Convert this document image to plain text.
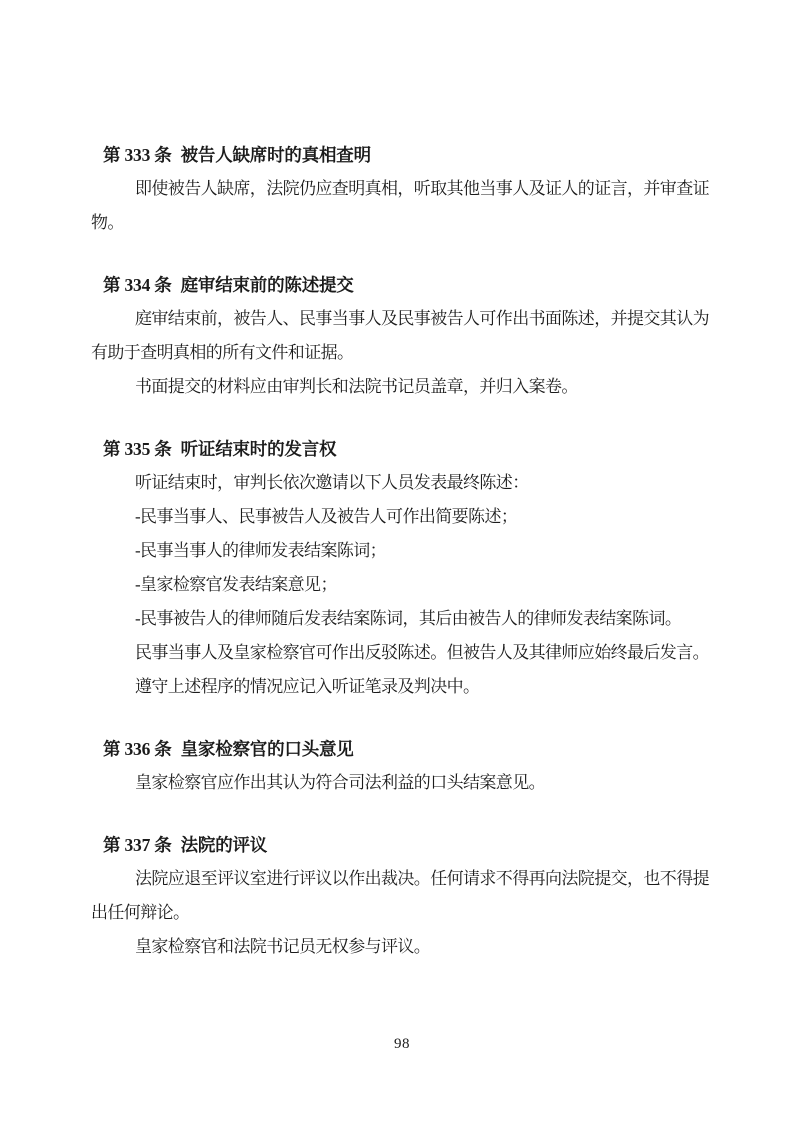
第 333 条 被告人缺席时的真相查明
即使被告人缺席，法院仍应查明真相，听取其他当事人及证人的证言，并审查证
物。
第 334 条 庭审结束前的陈述提交
庭审结束前，被告人、民事当事人及民事被告人可作出书面陈述，并提交其认为
有助于查明真相的所有文件和证据。
书面提交的材料应由审判长和法院书记员盖章，并归入案卷。
第 335 条 听证结束时的发言权
听证结束时，审判长依次邀请以下人员发表最终陈述：
-民事当事人、民事被告人及被告人可作出简要陈述；
-民事当事人的律师发表结案陈词；
-皇家检察官发表结案意见；
-民事被告人的律师随后发表结案陈词，其后由被告人的律师发表结案陈词。
民事当事人及皇家检察官可作出反驳陈述。但被告人及其律师应始终最后发言。
遵守上述程序的情况应记入听证笔录及判决中。
第 336 条 皇家检察官的口头意见
皇家检察官应作出其认为符合司法利益的口头结案意见。
第 337 条 法院的评议
法院应退至评议室进行评议以作出裁决。任何请求不得再向法院提交，也不得提
出任何辩论。
皇家检察官和法院书记员无权参与评议。
98
